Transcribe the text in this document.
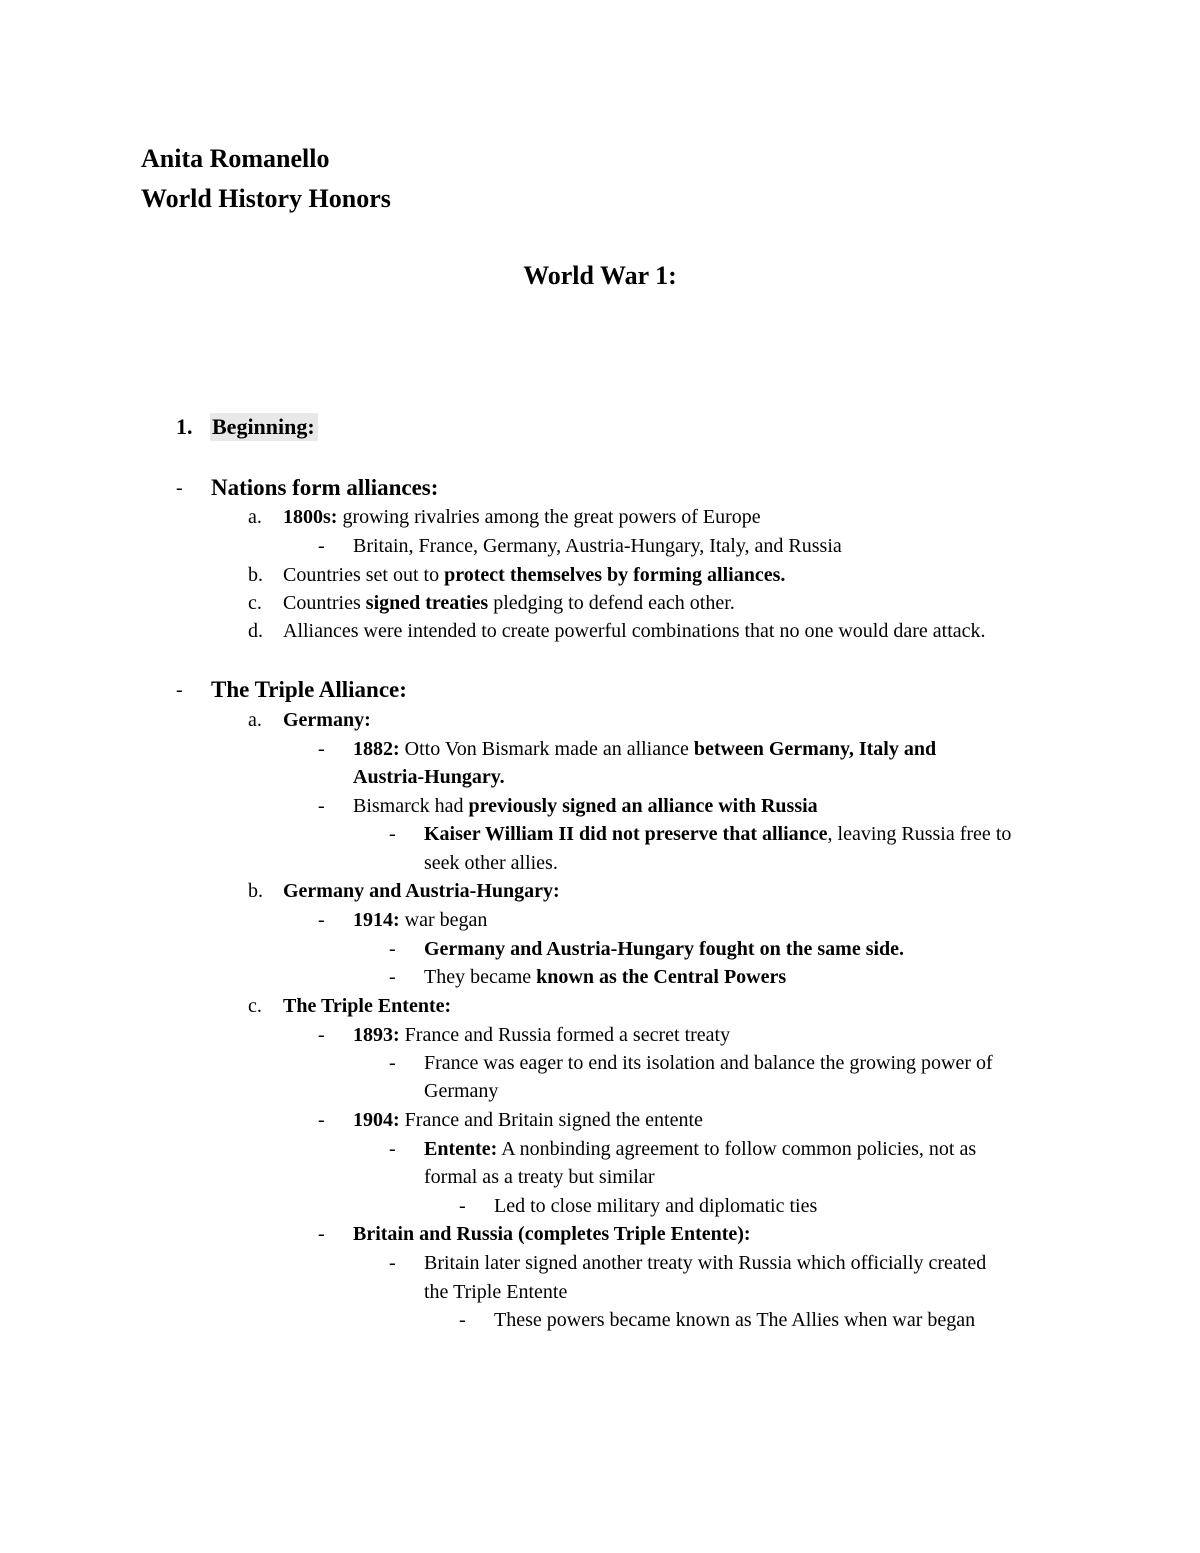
Anita Romanello
World History Honors
World War 1:
1. Beginning:
- Nations form alliances:
a. 1800s: growing rivalries among the great powers of Europe
- Britain, France, Germany, Austria-Hungary, Italy, and Russia
b. Countries set out to protect themselves by forming alliances.
c. Countries signed treaties pledging to defend each other.
d. Alliances were intended to create powerful combinations that no one would dare attack.
- The Triple Alliance:
a. Germany:
- 1882: Otto Von Bismark made an alliance between Germany, Italy and
Austria-Hungary.
- Bismarck had previously signed an alliance with Russia
- Kaiser William II did not preserve that alliance, leaving Russia free to
seek other allies.
b. Germany and Austria-Hungary:
- 1914: war began
- Germany and Austria-Hungary fought on the same side.
- They became known as the Central Powers
c. The Triple Entente:
- 1893: France and Russia formed a secret treaty
- France was eager to end its isolation and balance the growing power of
Germany
- 1904: France and Britain signed the entente
- Entente: A nonbinding agreement to follow common policies, not as
formal as a treaty but similar
- Led to close military and diplomatic ties
- Britain and Russia (completes Triple Entente):
- Britain later signed another treaty with Russia which officially created
the Triple Entente
- These powers became known as The Allies when war began
